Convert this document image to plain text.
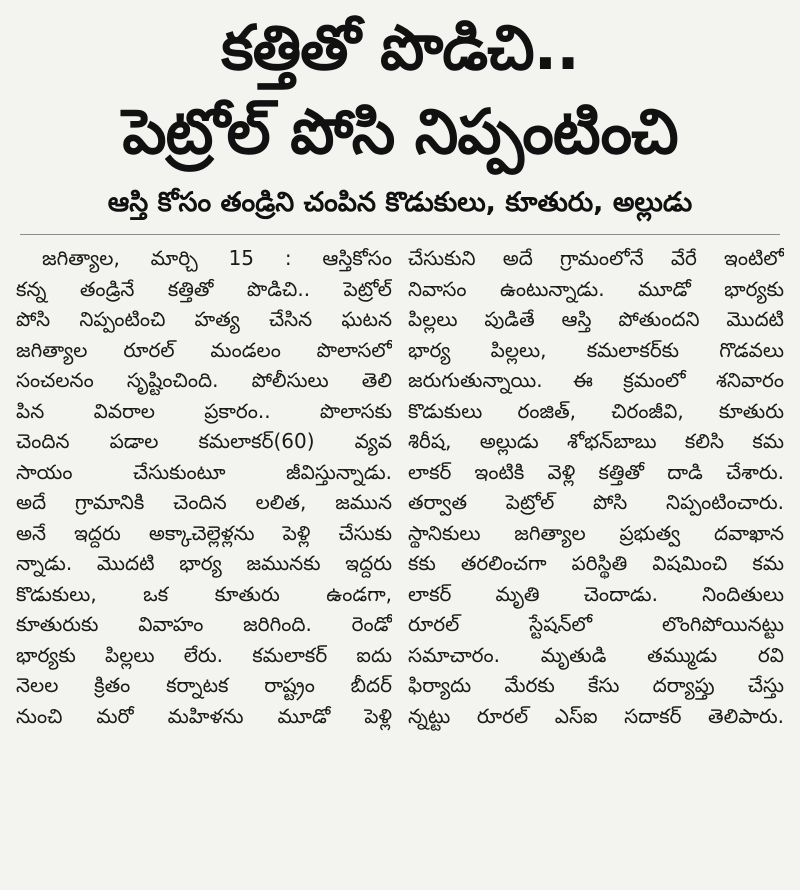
కత్తితో పొడిచి..
పెట్రోల్ పోసి నిప్పంటించి
ఆస్తి కోసం తండ్రిని చంపిన కొడుకులు, కూతురు, అల్లుడు
జగిత్యాల, మార్చి 15 : ఆస్తికోసం
కన్న తండ్రినే కత్తితో పొడిచి.. పెట్రోల్
పోసి నిప్పంటించి హత్య చేసిన ఘటన
జగిత్యాల రూరల్ మండలం పొలాసలో
సంచలనం సృష్టించింది. పోలీసులు తెలి
పిన వివరాల ప్రకారం.. పొలాసకు
చెందిన పడాల కమలాకర్(60) వ్యవ
సాయం చేసుకుంటూ జీవిస్తున్నాడు.
అదే గ్రామానికి చెందిన లలిత, జమున
అనే ఇద్దరు అక్కాచెల్లెళ్లను పెళ్లి చేసుకు
న్నాడు. మొదటి భార్య జమునకు ఇద్దరు
కొడుకులు, ఒక కూతురు ఉండగా,
కూతురుకు వివాహం జరిగింది. రెండో
భార్యకు పిల్లలు లేరు. కమలాకర్ ఐదు
నెలల క్రితం కర్నాటక రాష్ట్రం బీదర్
నుంచి మరో మహిళను మూడో పెళ్లి
చేసుకుని అదే గ్రామంలోనే వేరే ఇంటిలో
నివాసం ఉంటున్నాడు. మూడో భార్యకు
పిల్లలు పుడితే ఆస్తి పోతుందని మొదటి
భార్య పిల్లలు, కమలాకర్‌కు గొడవలు
జరుగుతున్నాయి. ఈ క్రమంలో శనివారం
కొడుకులు రంజిత్, చిరంజీవి, కూతురు
శిరీష, అల్లుడు శోభన్‌బాబు కలిసి కమ
లాకర్ ఇంటికి వెళ్లి కత్తితో దాడి చేశారు.
తర్వాత పెట్రోల్ పోసి నిప్పంటించారు.
స్థానికులు జగిత్యాల ప్రభుత్వ దవాఖాన
కకు తరలించగా పరిస్థితి విషమించి కమ
లాకర్ మృతి చెందాడు. నిందితులు
రూరల్ స్టేషన్‌లో లొంగిపోయినట్టు
సమాచారం. మృతుడి తమ్ముడు రవి
ఫిర్యాదు మేరకు కేసు దర్యాప్తు చేస్తు
న్నట్టు రూరల్ ఎస్ఐ సదాకర్ తెలిపారు.
